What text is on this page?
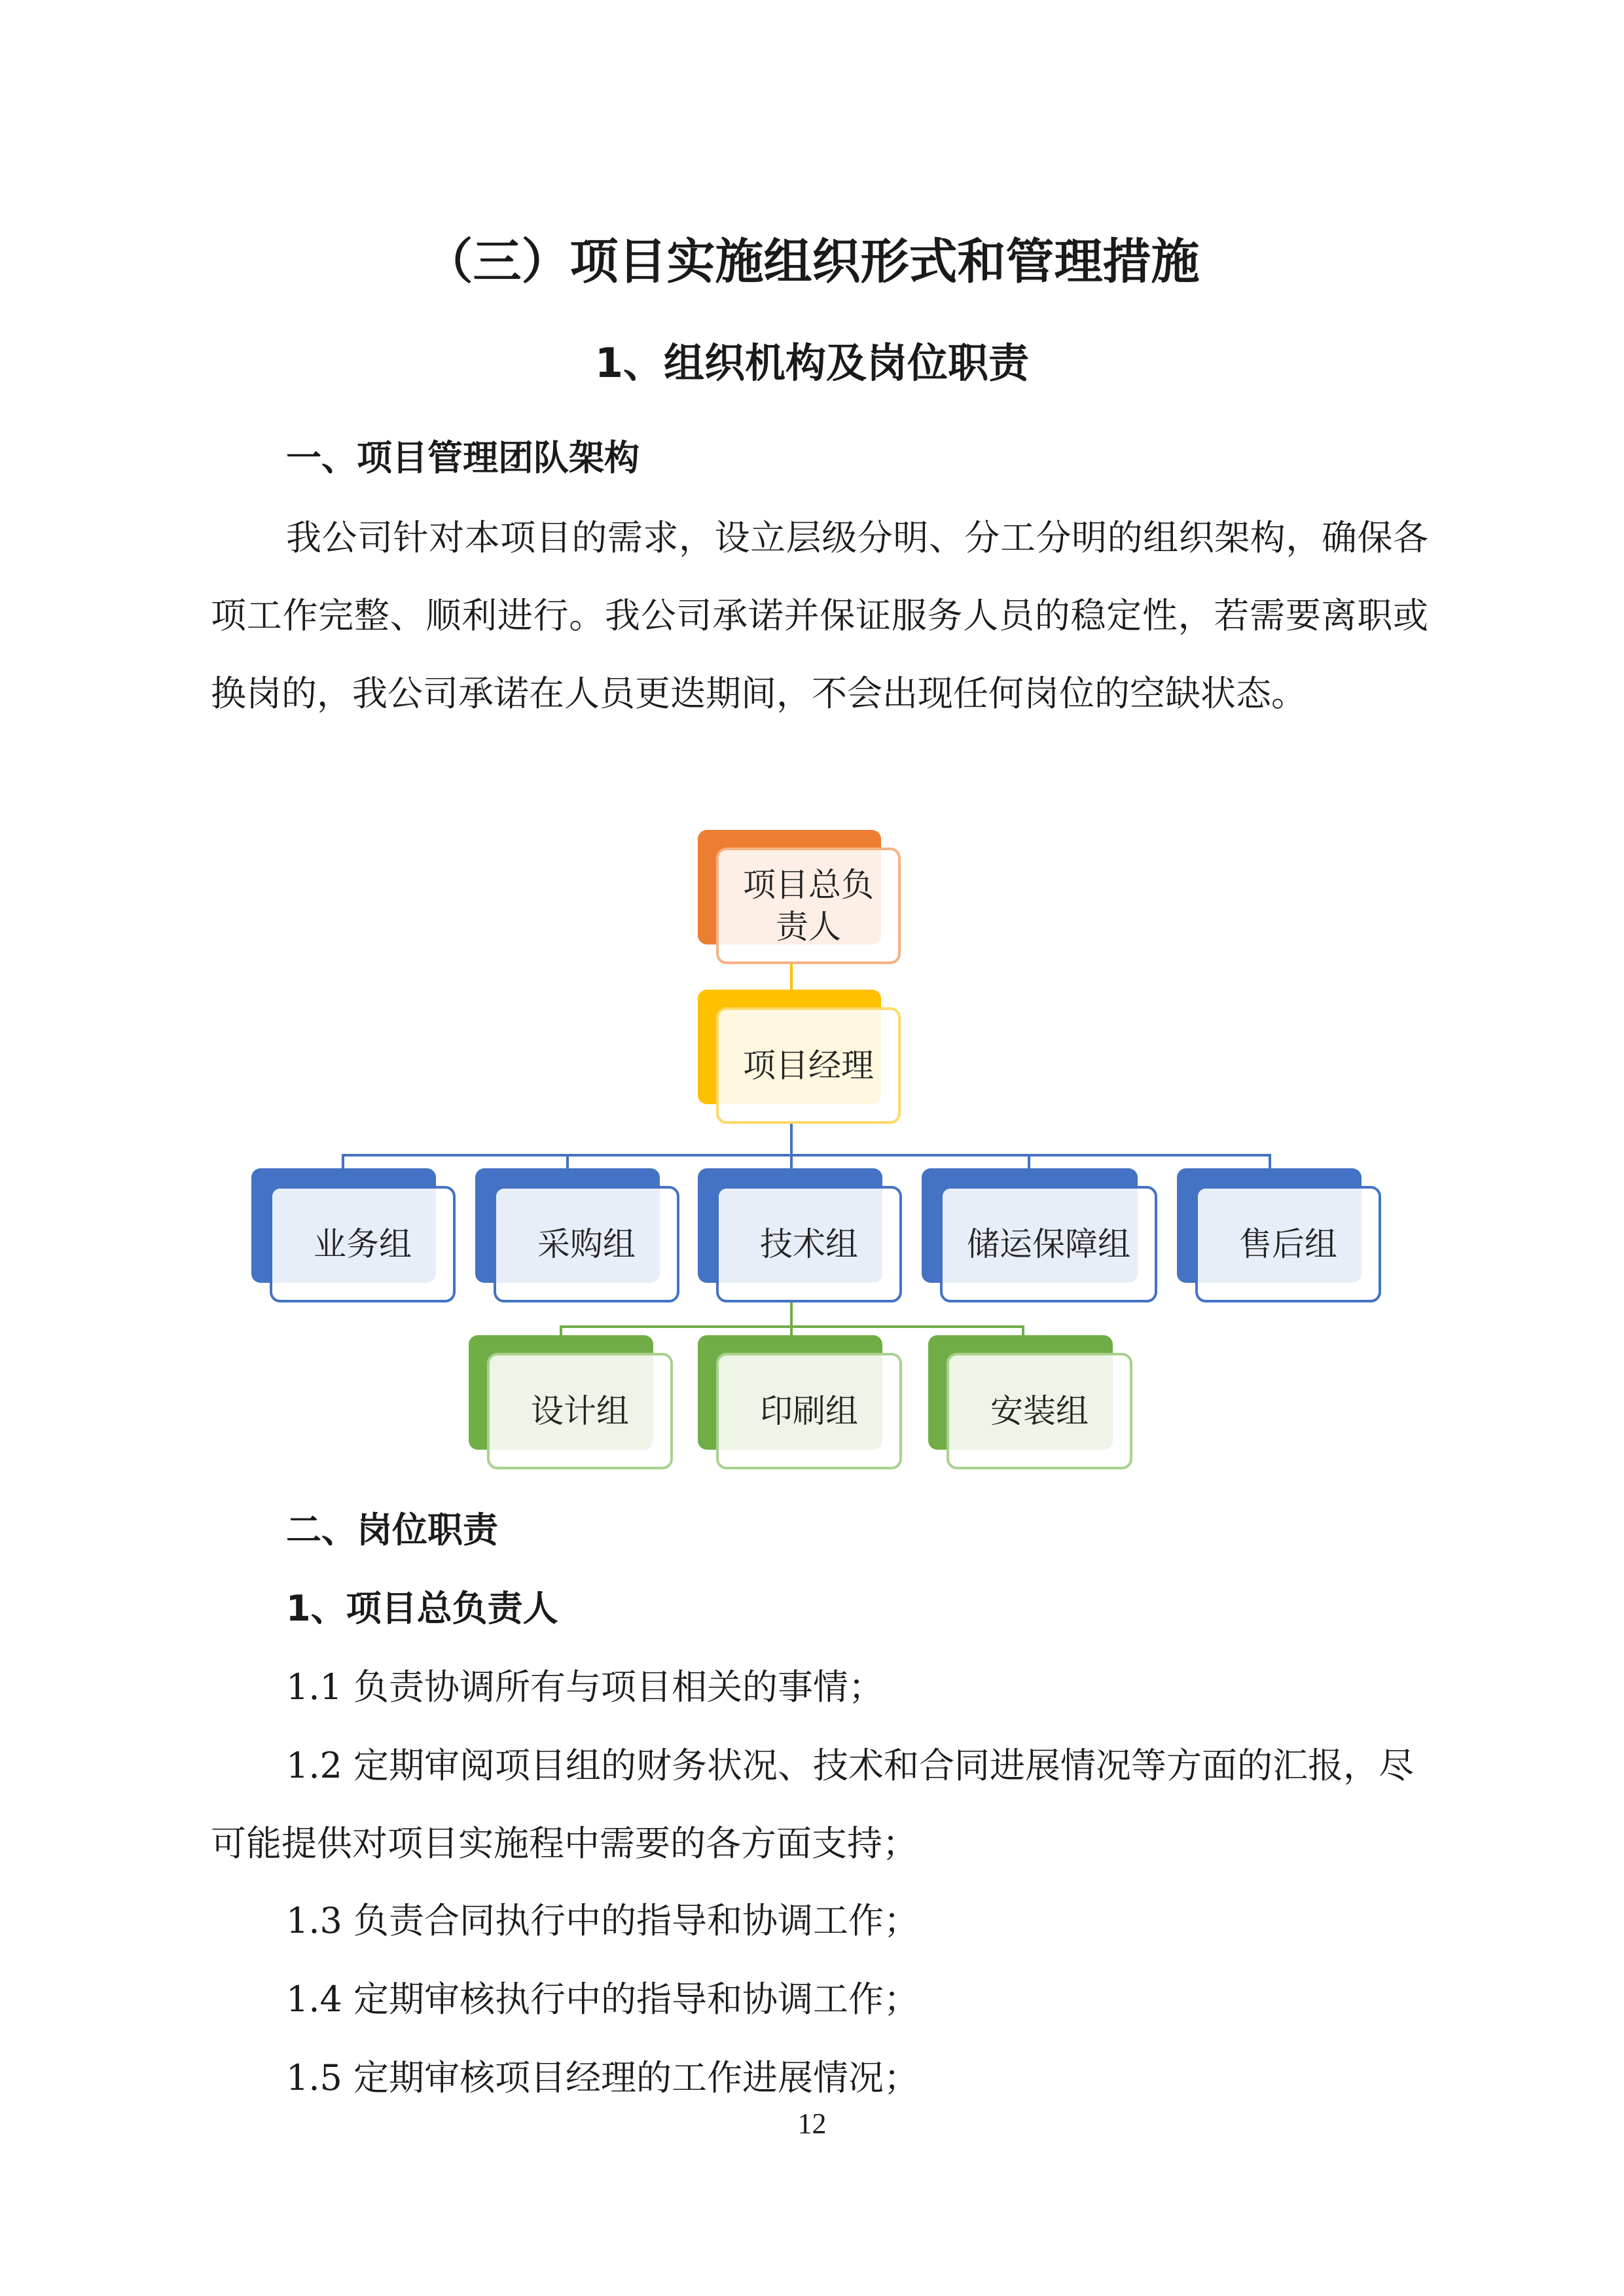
（三）项目实施组织形式和管理措施
1、组织机构及岗位职责
一、项目管理团队架构

我公司针对本项目的需求，设立层级分明、分工分明的组织架构，确保各项工作完整、顺利进行。我公司承诺并保证服务人员的稳定性，若需要离职或换岗的，我公司承诺在人员更迭期间，不会出现任何岗位的空缺状态。

项目总负
责人
项目经理
业务组	采购组	技术组	储运保障组	售后组
设计组	印刷组	安装组
二、岗位职责
1、项目总负责人
1.1 负责协调所有与项目相关的事情；

1.2 定期审阅项目组的财务状况、技术和合同进展情况等方面的汇报，尽可能提供对项目实施程中需要的各方面支持；

1.3 负责合同执行中的指导和协调工作；
1.4 定期审核执行中的指导和协调工作；
1.5 定期审核项目经理的工作进展情况；
12
